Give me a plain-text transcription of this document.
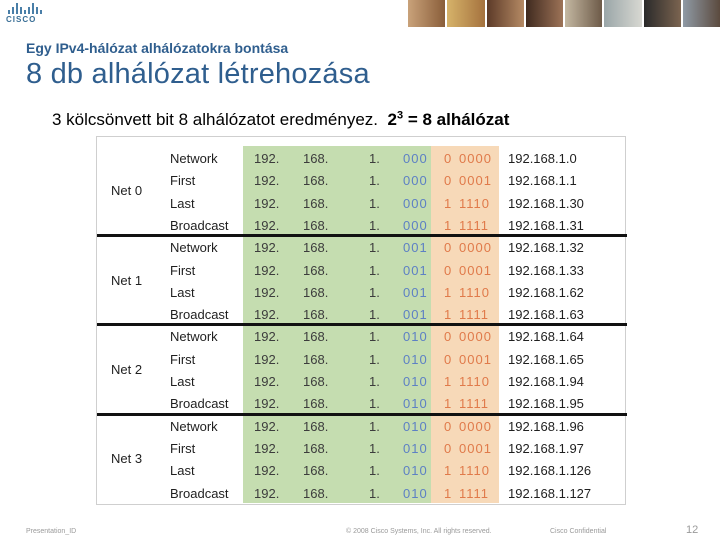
CISCO
Egy IPv4-hálózat alhálózatokra bontása
8 db alhálózat létrehozása
3 kölcsönvett bit 8 alhálózatot eredményez. $2^3 = 8$ alhálózat
Net 0
Network	192. 168.	1. 000 0 0000 192.168.1.0
First	192. 168.	1. 000 0 0001 192.168.1.1
Last	192. 168.	1. 000 1 1110 192.168.1.30
Broadcast 192. 168.	1. 000 1 1111 192.168.1.31
Net 1
Network	192. 168.	1. 001 0 0000 192.168.1.32
First	192. 168.	1. 001 0 0001 192.168.1.33
Last	192. 168.	1. 001 1 1110 192.168.1.62
Broadcast 192. 168.	1. 001 1 1111 192.168.1.63
Net 2
Network	192. 168.	1. 010 0 0000 192.168.1.64
First	192. 168.	1. 010 0 0001 192.168.1.65
Last	192. 168.	1. 010 1 1110 192.168.1.94
Broadcast 192. 168.	1. 010 1 1111 192.168.1.95
Net 3
Network	192. 168.	1. 010 0 0000 192.168.1.96
First	192. 168.	1. 010 0 0001 192.168.1.97
Last	192. 168.	1. 010 1 1110 192.168.1.126
Broadcast 192. 168.	1. 010 1 1111 192.168.1.127
Presentation_ID	© 2008 Cisco Systems, Inc. All rights reserved.	Cisco Confidential	12
